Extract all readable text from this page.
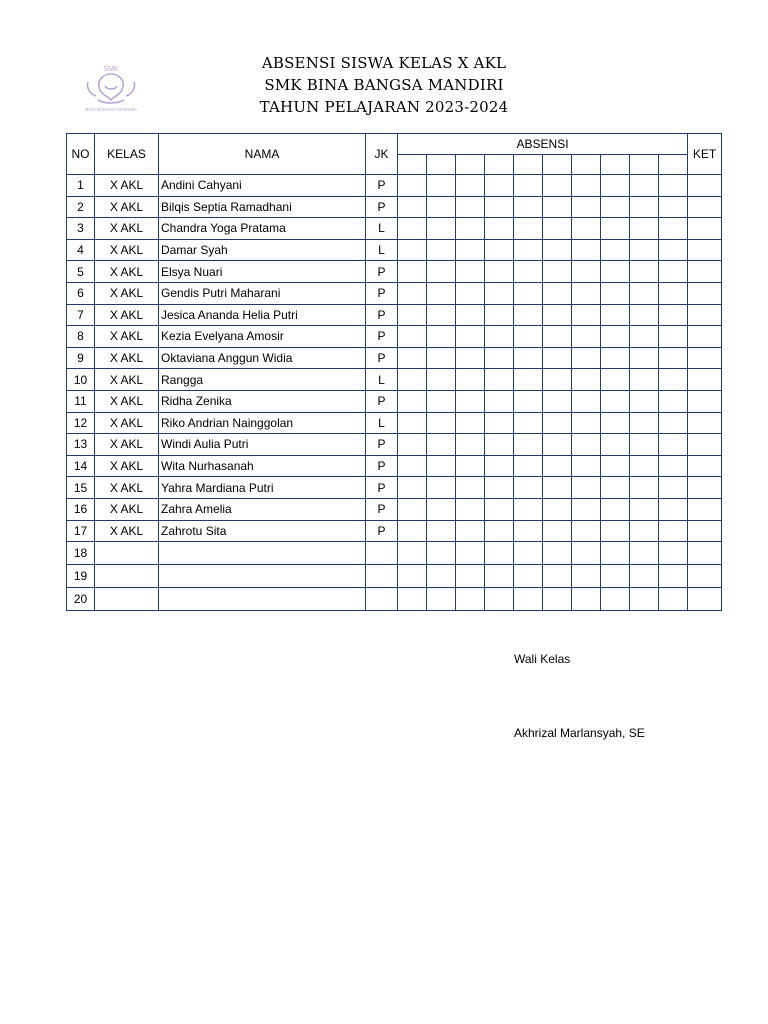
SMK
BINA BANGSA MANDIRI
ABSENSI SISWA KELAS X AKL
SMK BINA BANGSA MANDIRI
TAHUN PELAJARAN 2023-2024
NO	KELAS	NAMA	JK	ABSENSI										KET

1	X AKL	Andini Cahyani	P											
2	X AKL	Bilqis Septia Ramadhani	P											
3	X AKL	Chandra Yoga Pratama	L											
4	X AKL	Damar Syah	L											
5	X AKL	Elsya Nuari	P											
6	X AKL	Gendis Putri Maharani	P											
7	X AKL	Jesica Ananda Helia Putri	P											
8	X AKL	Kezia Evelyana Amosir	P											
9	X AKL	Oktaviana Anggun Widia	P											
10	X AKL	Rangga	L											
11	X AKL	Ridha Zenika	P											
12	X AKL	Riko Andrian Nainggolan	L											
13	X AKL	Windi Aulia Putri	P											
14	X AKL	Wita Nurhasanah	P											
15	X AKL	Yahra Mardiana Putri	P											
16	X AKL	Zahra Amelia	P											
17	X AKL	Zahrotu Sita	P											
18														
19														
20														
Wali Kelas
Akhrizal Marlansyah, SE
